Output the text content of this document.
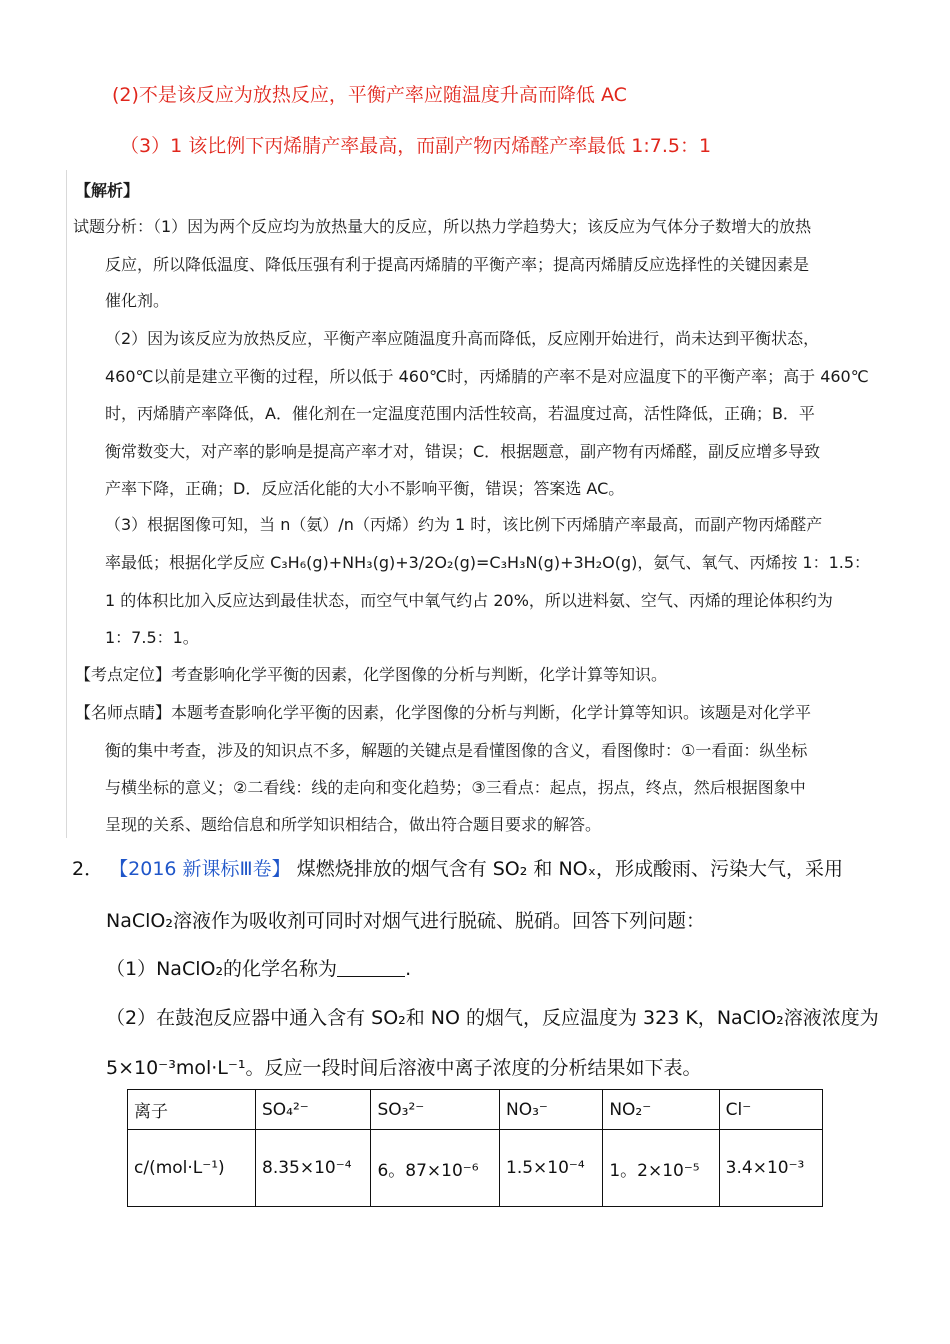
(2)不是该反应为放热反应，平衡产率应随温度升高而降低 AC
（3）1 该比例下丙烯腈产率最高，而副产物丙烯醛产率最低 1:7.5：1
【解析】
试题分析：（1）因为两个反应均为放热量大的反应，所以热力学趋势大；该反应为气体分子数增大的放热
反应，所以降低温度、降低压强有利于提高丙烯腈的平衡产率；提高丙烯腈反应选择性的关键因素是
催化剂。
（2）因为该反应为放热反应，平衡产率应随温度升高而降低，反应刚开始进行，尚未达到平衡状态，
460℃以前是建立平衡的过程，所以低于 460℃时，丙烯腈的产率不是对应温度下的平衡产率；高于 460℃
时，丙烯腈产率降低，A．催化剂在一定温度范围内活性较高，若温度过高，活性降低，正确；B．平
衡常数变大，对产率的影响是提高产率才对，错误；C．根据题意，副产物有丙烯醛，副反应增多导致
产率下降，正确；D．反应活化能的大小不影响平衡，错误；答案选 AC。
（3）根据图像可知，当 n（氨）/n（丙烯）约为 1 时，该比例下丙烯腈产率最高，而副产物丙烯醛产
率最低；根据化学反应 C₃H₆(g)+NH₃(g)+3/2O₂(g)=C₃H₃N(g)+3H₂O(g)，氨气、氧气、丙烯按 1：1.5：
1 的体积比加入反应达到最佳状态，而空气中氧气约占 20%，所以进料氨、空气、丙烯的理论体积约为
1：7.5：1。
【考点定位】考查影响化学平衡的因素，化学图像的分析与判断，化学计算等知识。
【名师点睛】本题考查影响化学平衡的因素，化学图像的分析与判断，化学计算等知识。该题是对化学平
衡的集中考查，涉及的知识点不多，解题的关键点是看懂图像的含义，看图像时：①一看面：纵坐标
与横坐标的意义；②二看线：线的走向和变化趋势；③三看点：起点，拐点，终点，然后根据图象中
呈现的关系、题给信息和所学知识相结合，做出符合题目要求的解答。
2． 【2016 新课标Ⅲ卷】 煤燃烧排放的烟气含有 SO₂ 和 NOₓ，形成酸雨、污染大气，采用
NaClO₂溶液作为吸收剂可同时对烟气进行脱硫、脱硝。回答下列问题：
（1）NaClO₂的化学名称为	.
（2）在鼓泡反应器中通入含有 SO₂和 NO 的烟气，反应温度为 323 K，NaClO₂溶液浓度为
5×10⁻³mol·L⁻¹。反应一段时间后溶液中离子浓度的分析结果如下表。
离子	SO₄²⁻	SO₃²⁻	NO₃⁻	NO₂⁻	Cl⁻
c/(mol·L⁻¹)	8.35×10⁻⁴	6。87×10⁻⁶	1.5×10⁻⁴	1。2×10⁻⁵	3.4×10⁻³
